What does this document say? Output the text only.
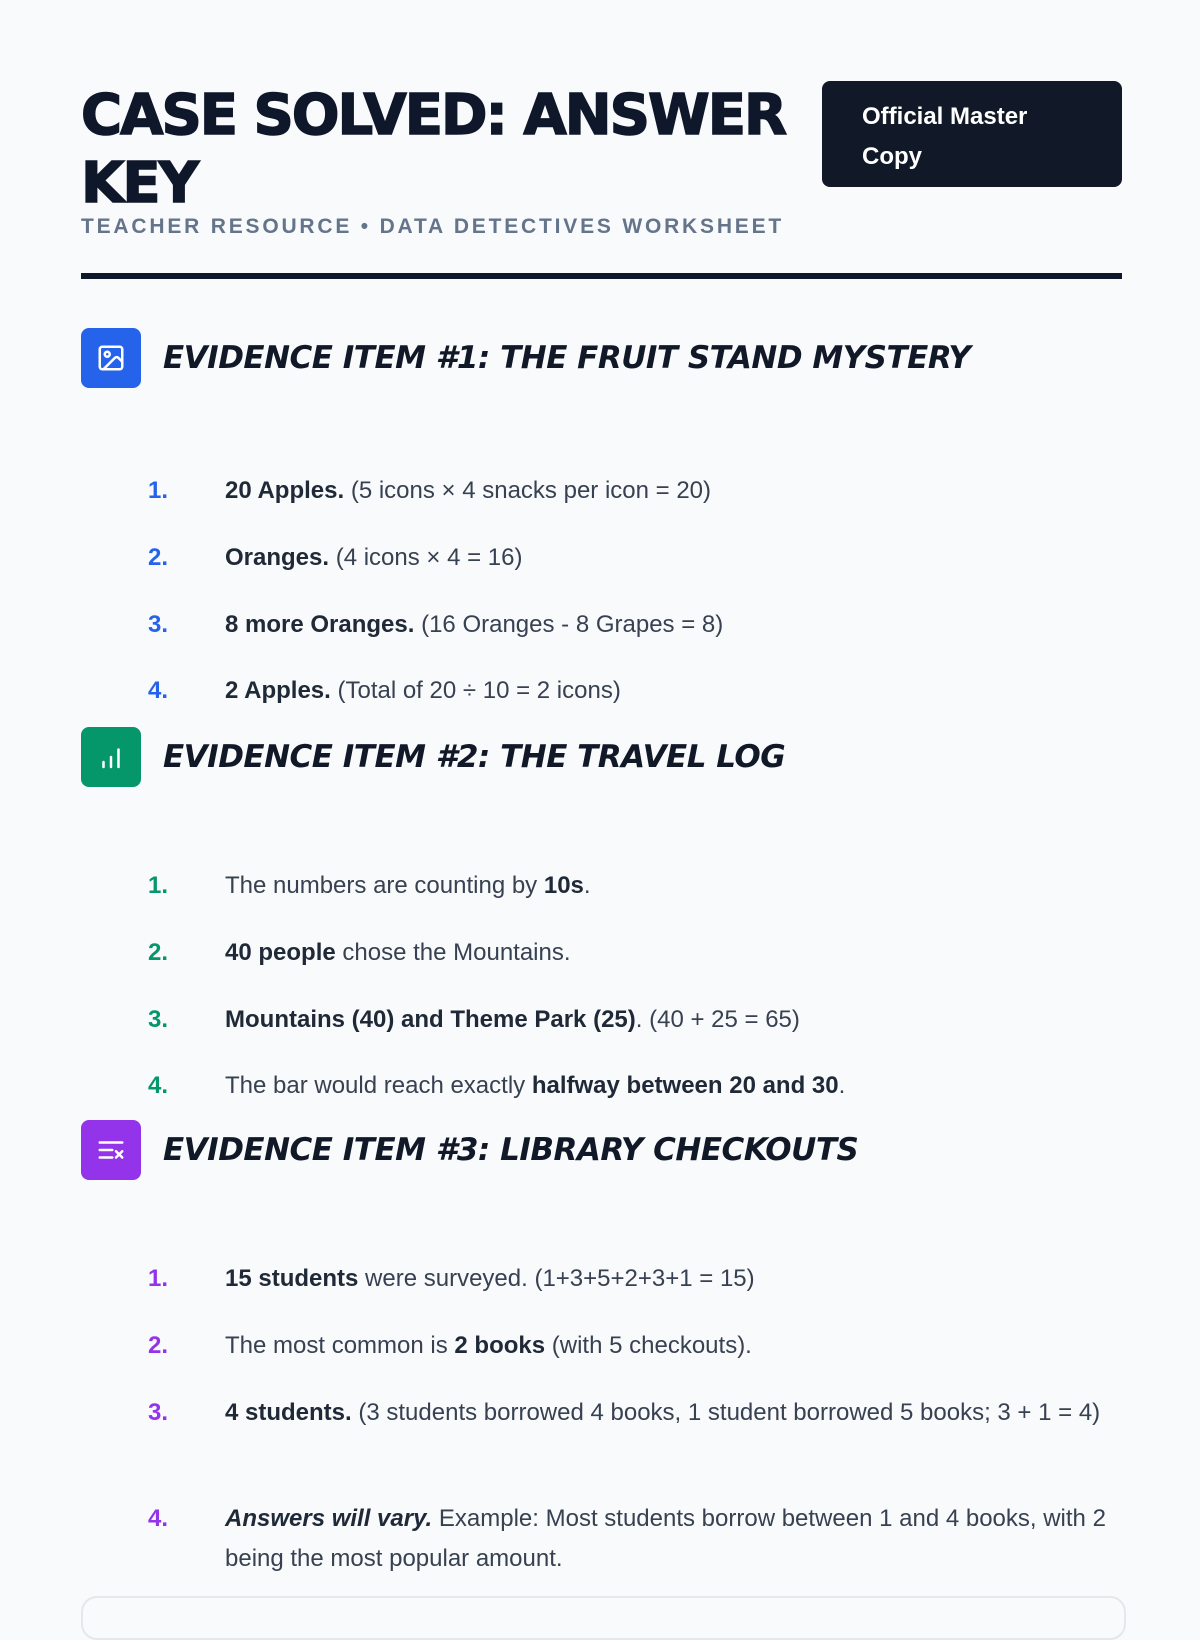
CASE SOLVED: ANSWER KEY
Official Master Copy
TEACHER RESOURCE • DATA DETECTIVES WORKSHEET
EVIDENCE ITEM #1: THE FRUIT STAND MYSTERY
1. 20 Apples. (5 icons × 4 snacks per icon = 20)
2. Oranges. (4 icons × 4 = 16)
3. 8 more Oranges. (16 Oranges - 8 Grapes = 8)
4. 2 Apples. (Total of 20 ÷ 10 = 2 icons)
EVIDENCE ITEM #2: THE TRAVEL LOG
1. The numbers are counting by 10s.
2. 40 people chose the Mountains.
3. Mountains (40) and Theme Park (25). (40 + 25 = 65)
4. The bar would reach exactly halfway between 20 and 30.
EVIDENCE ITEM #3: LIBRARY CHECKOUTS
1. 15 students were surveyed. (1+3+5+2+3+1 = 15)
2. The most common is 2 books (with 5 checkouts).
3. 4 students. (3 students borrowed 4 books, 1 student borrowed 5 books; 3 + 1 = 4)
4. Answers will vary. Example: Most students borrow between 1 and 4 books, with 2 being the most popular amount.
